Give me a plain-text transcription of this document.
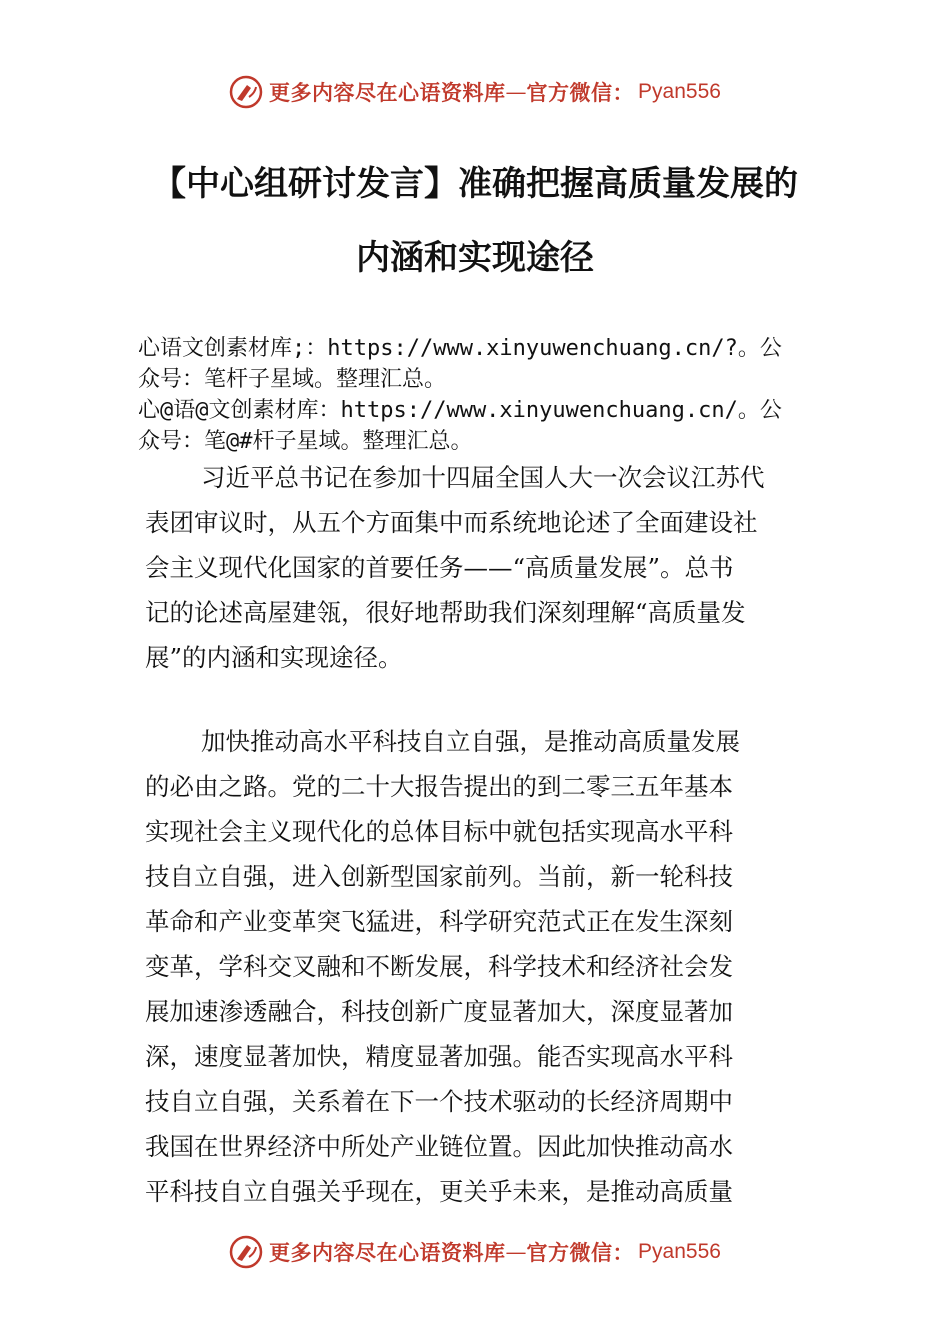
更多内容尽在心语资料库 — 官方微信： Pyan556
【中心组研讨发言】准确把握高质量发展的
内涵和实现途径
心语文创素材库;：https://www.xinyuwenchuang.cn/?。公
众号：笔杆子星域。整理汇总。
心@语@文创素材库：https://www.xinyuwenchuang.cn/。公
众号：笔@#杆子星域。整理汇总。
习近平总书记在参加十四届全国人大一次会议江苏代
表团审议时，从五个方面集中而系统地论述了全面建设社
会主义现代化国家的首要任务——“高质量发展”。总书
记的论述高屋建瓴，很好地帮助我们深刻理解“高质量发
展”的内涵和实现途径。
加快推动高水平科技自立自强，是推动高质量发展
的必由之路。党的二十大报告提出的到二零三五年基本
实现社会主义现代化的总体目标中就包括实现高水平科
技自立自强，进入创新型国家前列。当前，新一轮科技
革命和产业变革突飞猛进，科学研究范式正在发生深刻
变革，学科交叉融和不断发展，科学技术和经济社会发
展加速渗透融合，科技创新广度显著加大，深度显著加
深，速度显著加快，精度显著加强。能否实现高水平科
技自立自强，关系着在下一个技术驱动的长经济周期中
我国在世界经济中所处产业链位置。因此加快推动高水
平科技自立自强关乎现在，更关乎未来，是推动高质量
更多内容尽在心语资料库 — 官方微信： Pyan556
